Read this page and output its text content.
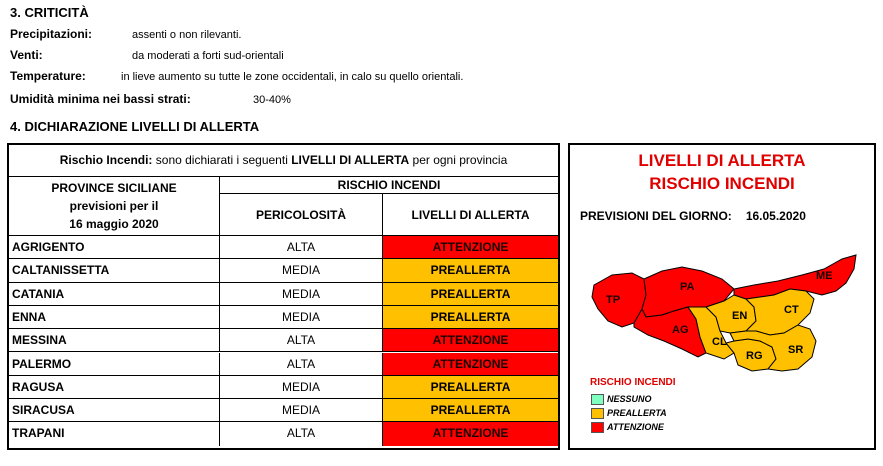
3. CRITICITÀ
Precipitazioni:	assenti o non rilevanti.
Venti:	da moderati a forti sud-orientali
Temperature:	in lieve aumento su tutte le zone occidentali, in calo su quello orientali.
Umidità minima nei bassi strati:	30-40%
4. DICHIARAZIONE LIVELLI DI ALLERTA
Rischio Incendi: sono dichiarati i seguenti LIVELLI DI ALLERTA per ogni provincia
PROVINCE SICILIANE
previsioni per il
16 maggio 2020
RISCHIO INCENDI
PERICOLOSITÀ	LIVELLI DI ALLERTA
AGRIGENTO	ALTA	ATTENZIONE
CALTANISSETTA	MEDIA	PREALLERTA
CATANIA	MEDIA	PREALLERTA
ENNA	MEDIA	PREALLERTA
MESSINA	ALTA	ATTENZIONE
PALERMO	ALTA	ATTENZIONE
RAGUSA	MEDIA	PREALLERTA
SIRACUSA	MEDIA	PREALLERTA
TRAPANI	ALTA	ATTENZIONE
LIVELLI DI ALLERTA
RISCHIO INCENDI
PREVISIONI DEL GIORNO: 16.05.2020
TP
PA
ME
AG
EN	CT
CL
RG SR
RISCHIO INCENDI
NESSUNO
PREALLERTA
ATTENZIONE
